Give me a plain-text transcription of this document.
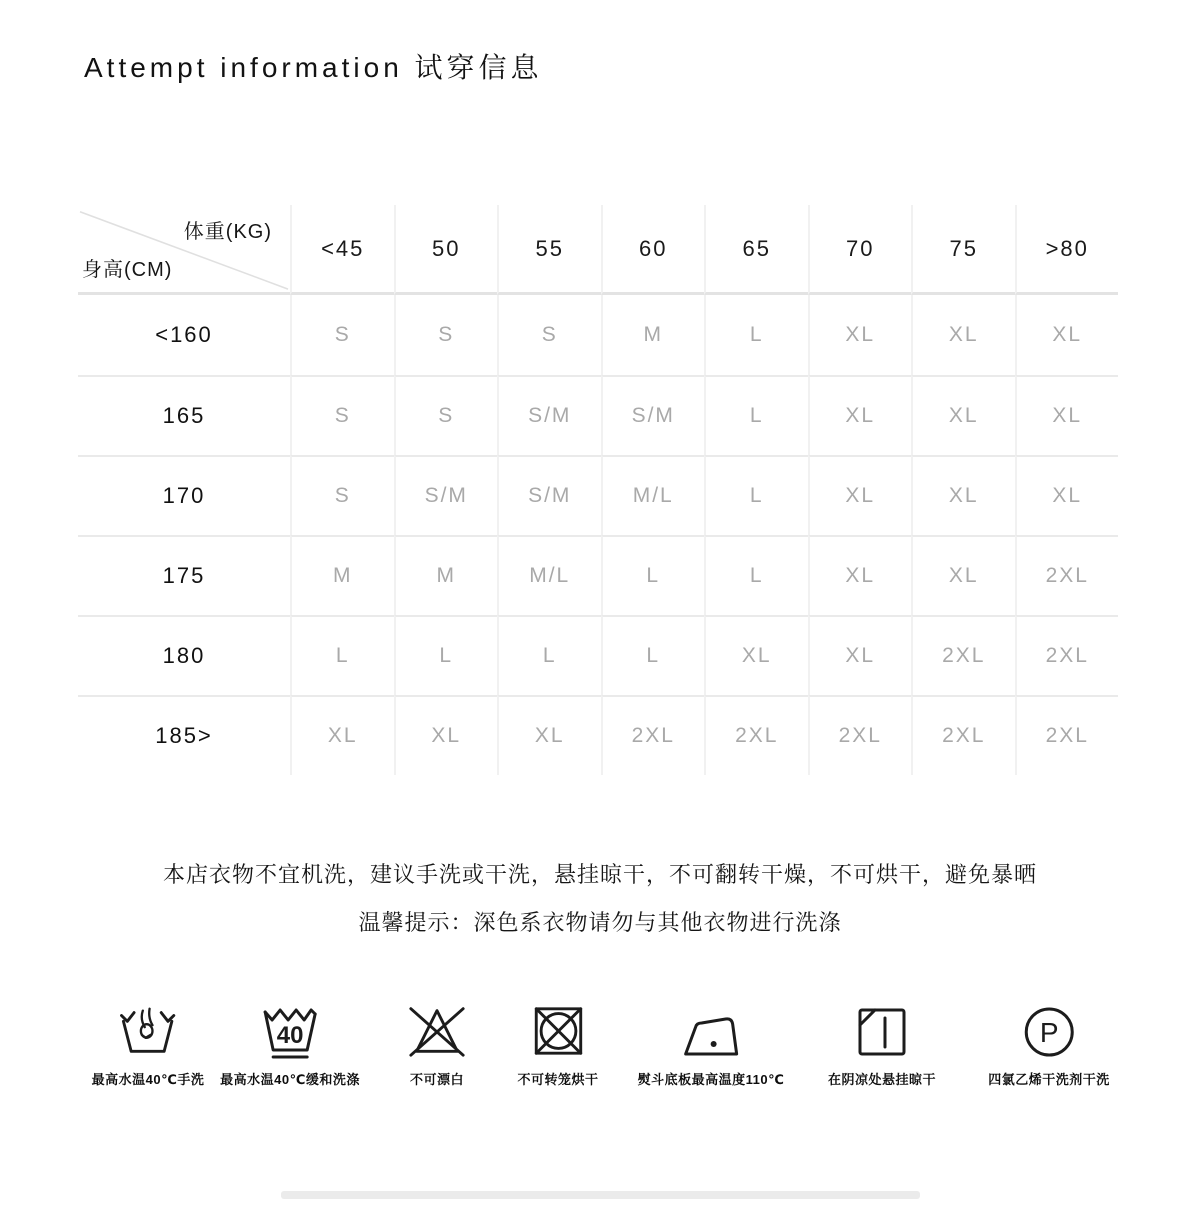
Attempt information 试穿信息
体重(KG)
身高(CM)
<45	50	55	60	65	70	75	>80
<160	S	S	S	M	L	XL	XL	XL
165	S	S	S/M	S/M	L	XL	XL	XL
170	S	S/M	S/M	M/L	L	XL	XL	XL
175	M	M	M/L	L	L	XL	XL	2XL
180	L	L	L	L	XL	XL	2XL	2XL
185>	XL	XL	XL	2XL	2XL	2XL	2XL	2XL
本店衣物不宜机洗，建议手洗或干洗，悬挂晾干，不可翻转干燥，不可烘干，避免暴晒
温馨提示：深色系衣物请勿与其他衣物进行洗涤
最高水温40℃手洗
40
最高水温40℃缓和洗涤	不可漂白	不可转笼烘干	熨斗底板最高温度110℃	在阴凉处悬挂晾干
P
四氯乙烯干洗剂干洗
